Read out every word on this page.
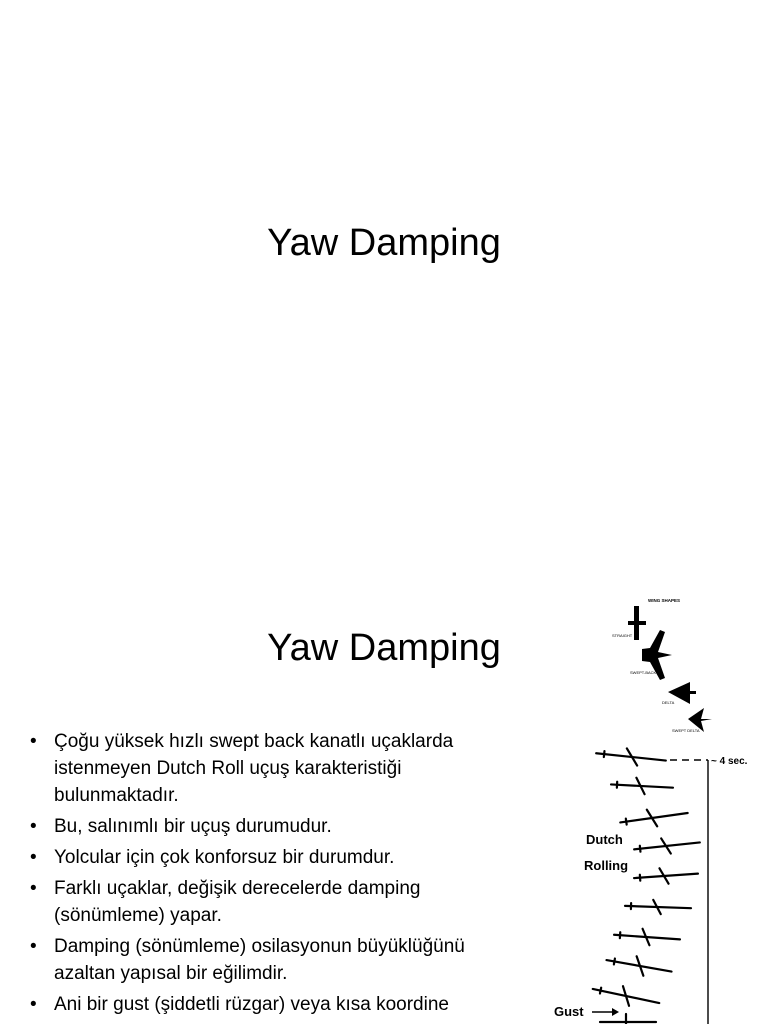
Yaw Damping
Yaw Damping
• Çoğu yüksek hızlı swept back kanatlı uçaklarda istenmeyen Dutch Roll uçuş karakteristiği bulunmaktadır.
• Bu, salınımlı bir uçuş durumudur.
• Yolcular için çok konforsuz bir durumdur.
• Farklı uçaklar, değişik derecelerde damping (sönümleme) yapar.
• Damping (sönümleme) osilasyonun büyüklüğünü azaltan yapısal bir eğilimdir.
• Ani bir gust (şiddetli rüzgar) veya kısa koordine
WING SHAPES
STRAIGHT
SWEPT-BACK
DELTA
SWEPT DELTA
~ 4 sec.
Dutch
Rolling
Gust
